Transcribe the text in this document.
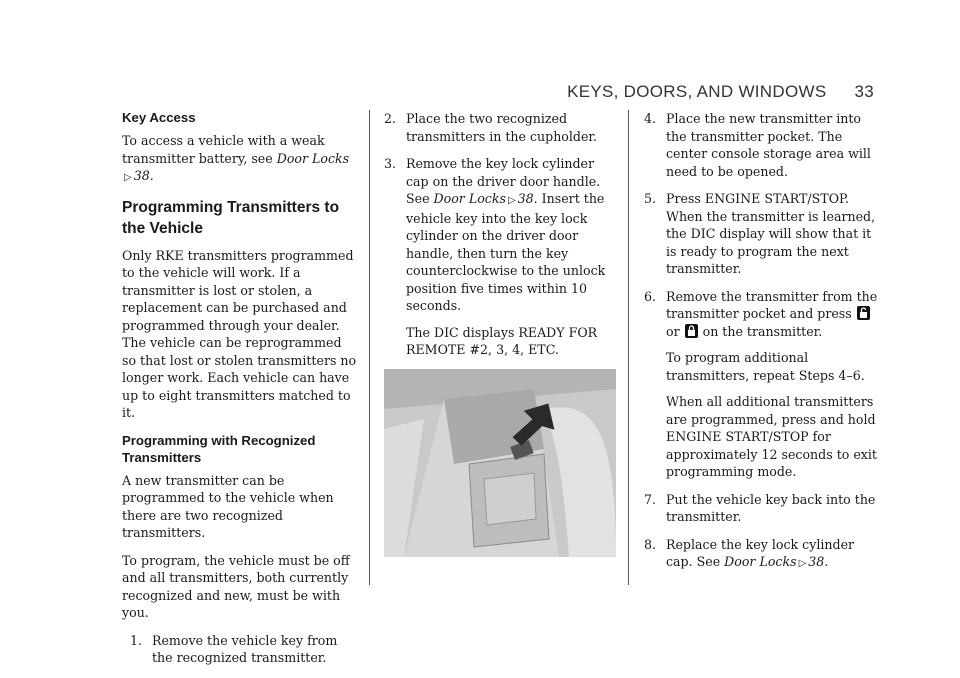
KEYS, DOORS, AND WINDOWS 33
Key Access

To access a vehicle with a weak transmitter battery, see Door Locks
▷ 38.

Programming Transmitters to the Vehicle

Only RKE transmitters programmed to the vehicle will work. If a transmitter is lost or stolen, a replacement can be purchased and programmed through your dealer. The vehicle can be reprogrammed so that lost or stolen transmitters no longer work. Each vehicle can have up to eight transmitters matched to it.

Programming with Recognized Transmitters

A new transmitter can be programmed to the vehicle when there are two recognized transmitters.

To program, the vehicle must be off and all transmitters, both currently recognized and new, must be with you.

1. Remove the vehicle key from the recognized transmitter.
2. Place the two recognized transmitters in the cupholder.
3. Remove the key lock cylinder cap on the driver door handle. See Door Locks ▷ 38. Insert the vehicle key into the key lock cylinder on the driver door handle, then turn the key counterclockwise to the unlock position five times within 10 seconds.
The DIC displays READY FOR REMOTE #2, 3, 4, ETC.
4. Place the new transmitter into the transmitter pocket. The center console storage area will need to be opened.
5. Press ENGINE START/STOP. When the transmitter is learned, the DIC display will show that it is ready to program the next transmitter.
6. Remove the transmitter from the transmitter pocket and press

or
on the transmitter.
To program additional transmitters, repeat Steps 4–6.
When all additional transmitters are programmed, press and hold ENGINE START/STOP for approximately 12 seconds to exit programming mode.
7. Put the vehicle key back into the transmitter.
8. Replace the key lock cylinder cap. See Door Locks ▷ 38.
